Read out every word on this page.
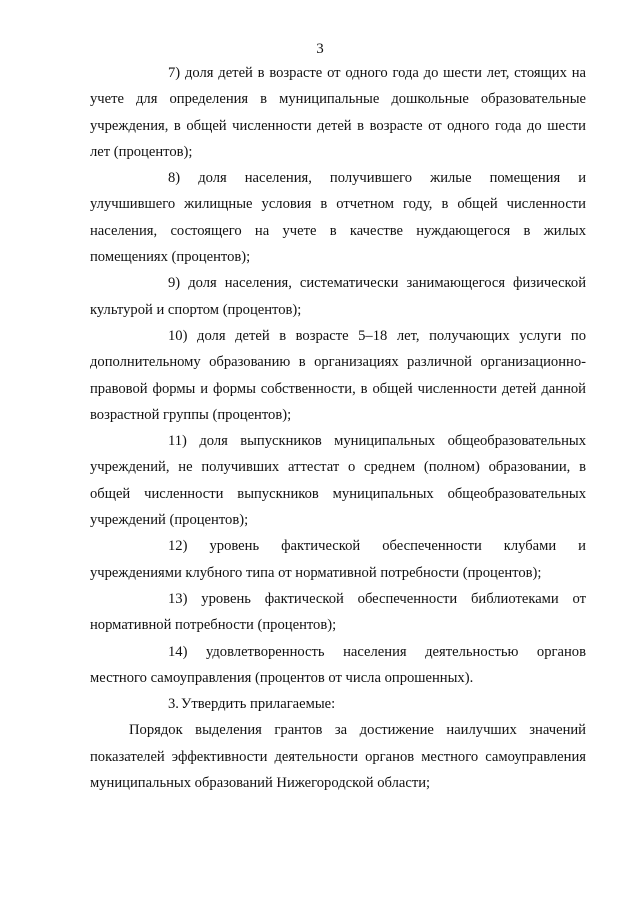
3

7) доля детей в возрасте от одного года до шести лет, стоящих на учете для определения в муниципальные дошкольные образовательные учреждения, в общей численности детей в возрасте от одного года до шести лет (процентов);

8) доля населения, получившего жилые помещения и улучшившего жилищные условия в отчетном году, в общей численности населения, состоящего на учете в качестве нуждающегося в жилых помещениях (процентов);

9) доля населения, систематически занимающегося физической культурой и спортом (процентов);

10) доля детей в возрасте 5–18 лет, получающих услуги по дополнительному образованию в организациях различной организационно-правовой формы и формы собственности, в общей численности детей данной возрастной группы (процентов);

11) доля выпускников муниципальных общеобразовательных учреждений, не получивших аттестат о среднем (полном) образовании, в общей численности выпускников муниципальных общеобразовательных учреждений (процентов);

12) уровень фактической обеспеченности клубами и учреждениями клубного типа от нормативной потребности (процентов);

13) уровень фактической обеспеченности библиотеками от нормативной потребности (процентов);

14) удовлетворенность населения деятельностью органов местного самоуправления (процентов от числа опрошенных).

3. Утвердить прилагаемые:

Порядок выделения грантов за достижение наилучших значений показателей эффективности деятельности органов местного самоуправления муниципальных образований Нижегородской области;
